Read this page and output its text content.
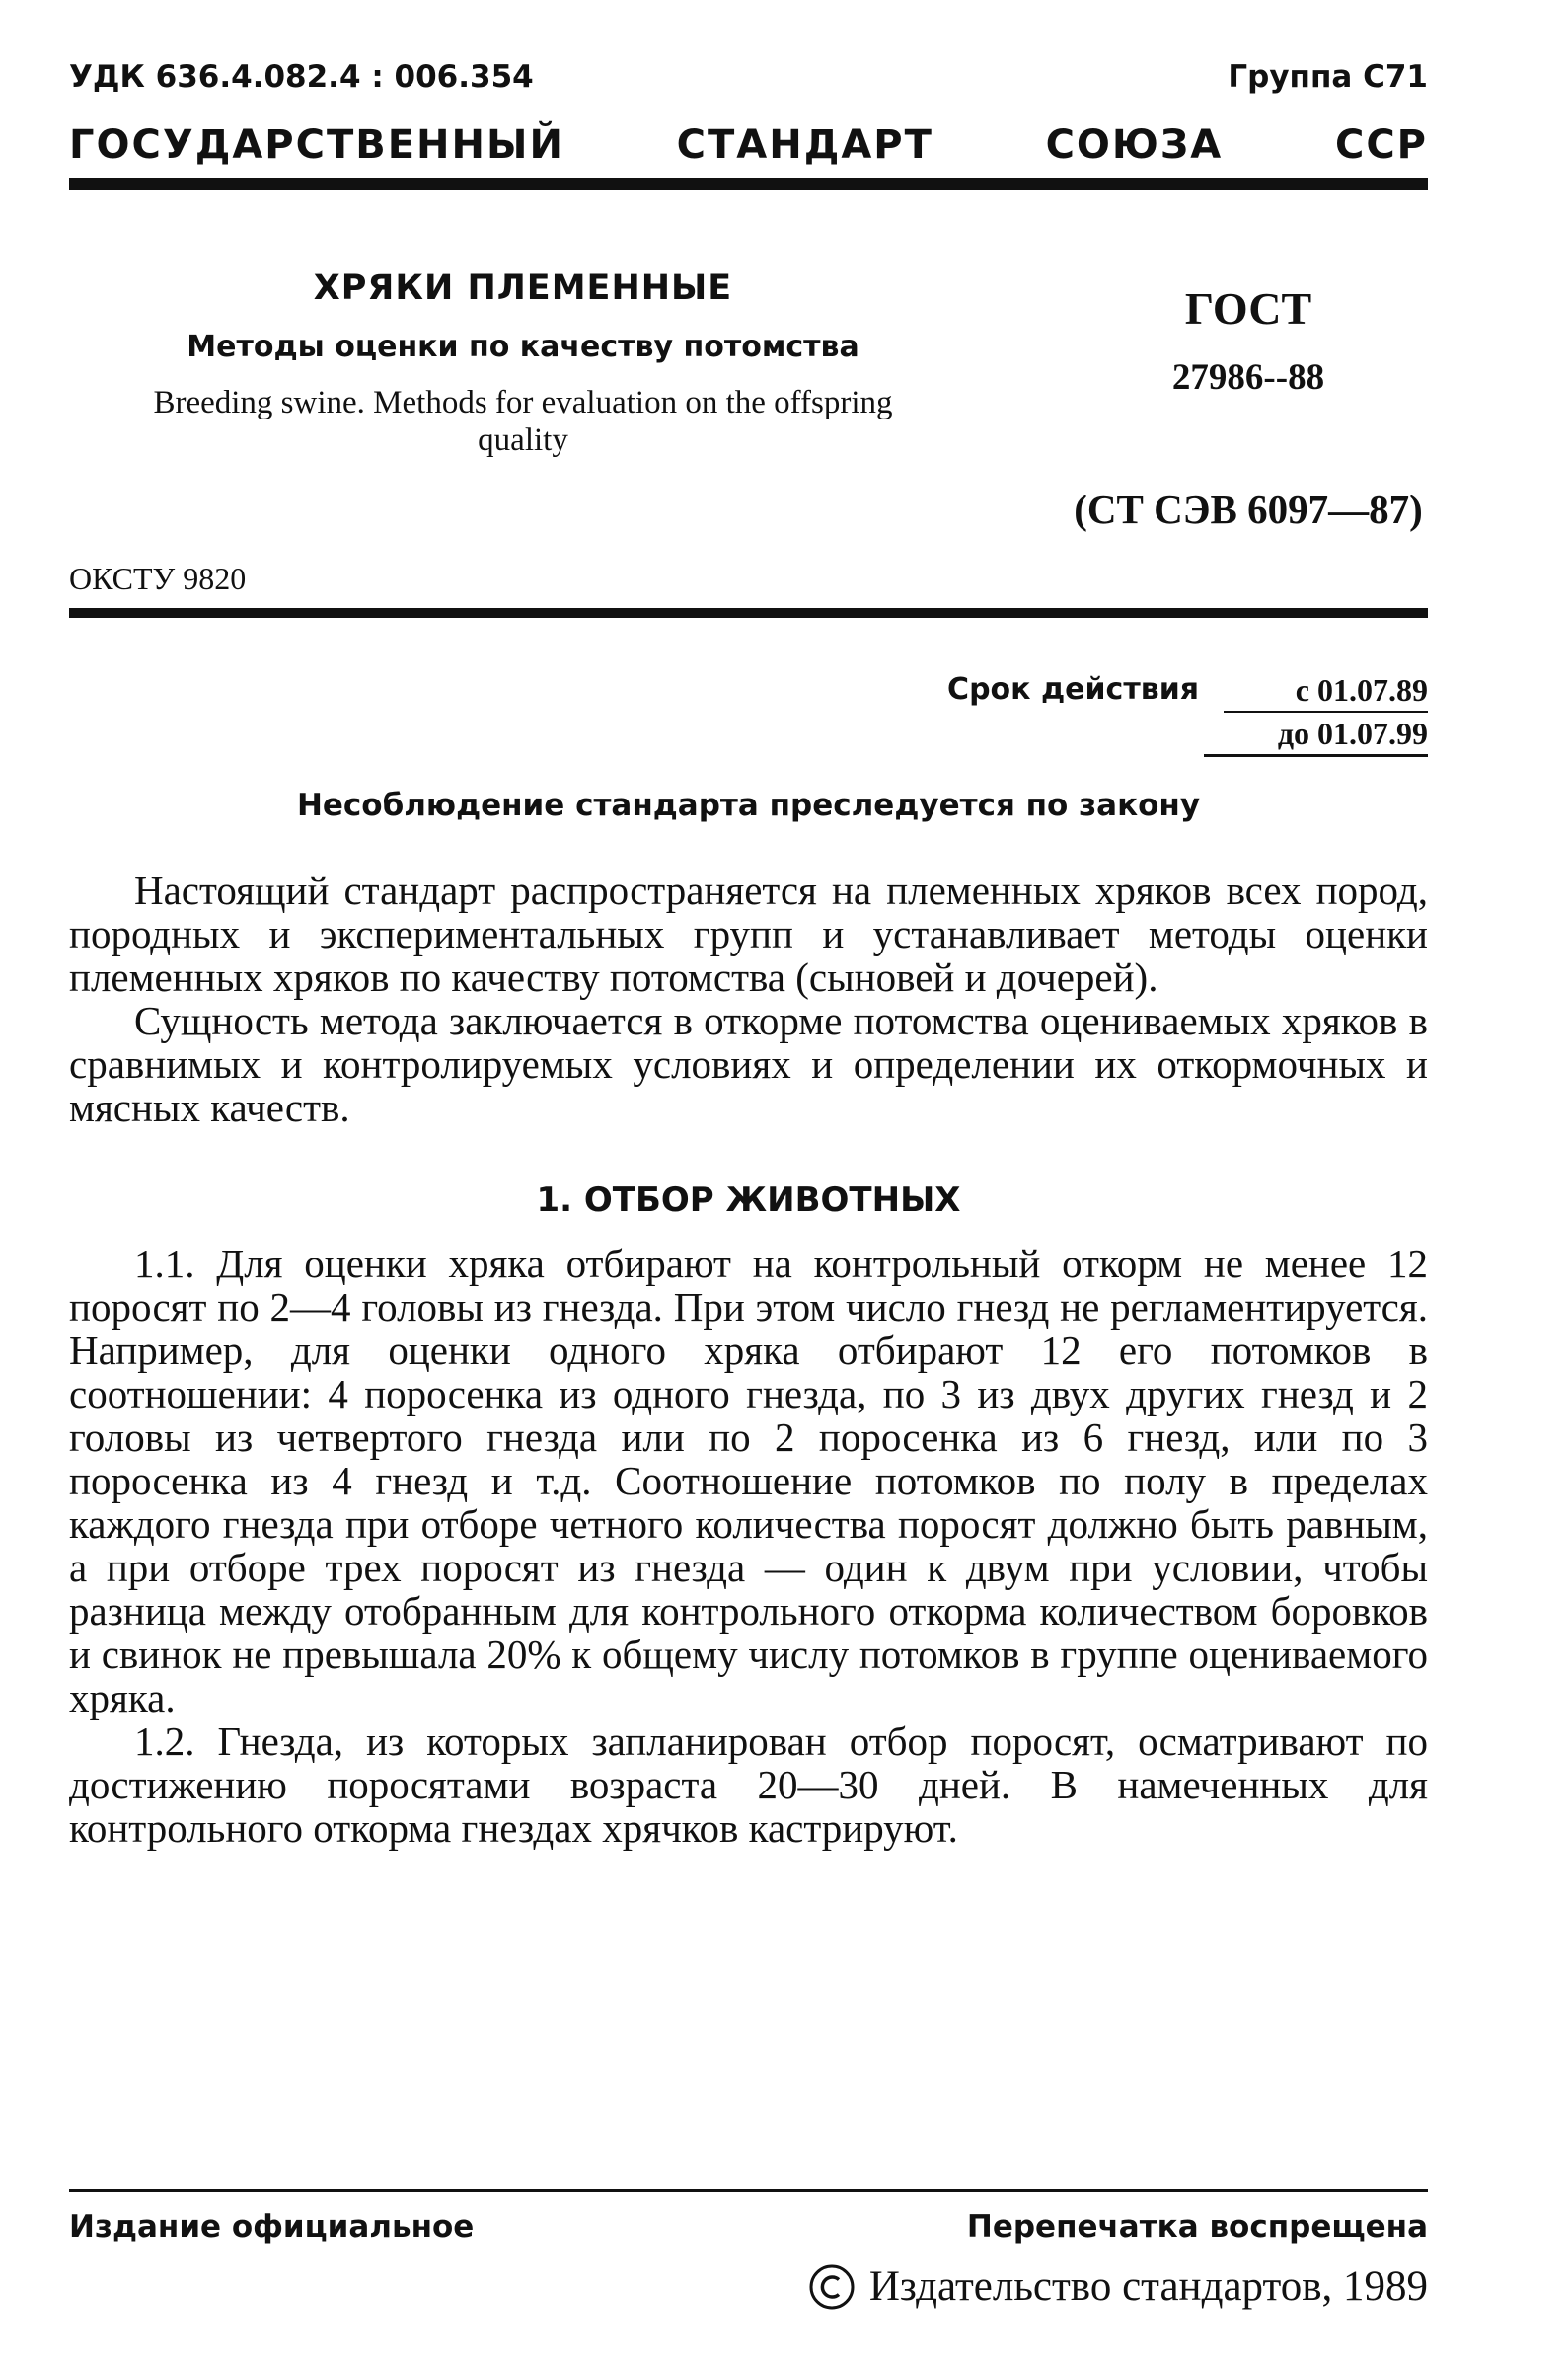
УДК 636.4.082.4 : 006.354	Группа С71
ГОСУДАРСТВЕННЫЙ СТАНДАРТ СОЮЗА ССР
ХРЯКИ ПЛЕМЕННЫЕ
Методы оценки по качеству потомства
Breeding swine. Methods for evaluation on the offspring quality
ГОСТ
27986--88
(СТ СЭВ 6097—87)
ОКСТУ 9820
Срок действия	с 01.07.89
до 01.07.99
Несоблюдение стандарта преследуется по закону

Настоящий стандарт распространяется на племенных хряков всех пород, породных и экспериментальных групп и устанавливает методы оценки племенных хряков по качеству потомства (сыновей и дочерей).

Сущность метода заключается в откорме потомства оцениваемых хряков в сравнимых и контролируемых условиях и определении их откормочных и мясных качеств.

1. ОТБОР ЖИВОТНЫХ

1.1. Для оценки хряка отбирают на контрольный откорм не менее 12 поросят по 2—4 головы из гнезда. При этом число гнезд не регламентируется. Например, для оценки одного хряка отбирают 12 его потомков в соотношении: 4 поросенка из одного гнезда, по 3 из двух других гнезд и 2 головы из четвертого гнезда или по 2 поросенка из 6 гнезд, или по 3 поросенка из 4 гнезд и т.д. Соотношение потомков по полу в пределах каждого гнезда при отборе четного количества поросят должно быть равным, а при отборе трех поросят из гнезда — один к двум при условии, чтобы разница между отобранным для контрольного откорма количеством боровков и свинок не превышала 20% к общему числу потомков в группе оцениваемого хряка.

1.2. Гнезда, из которых запланирован отбор поросят, осматривают по достижению поросятами возраста 20—30 дней. В намеченных для контрольного откорма гнездах хрячков кастрируют.

Издание официальное	Перепечатка воспрещена
Издательство стандартов, 1989
